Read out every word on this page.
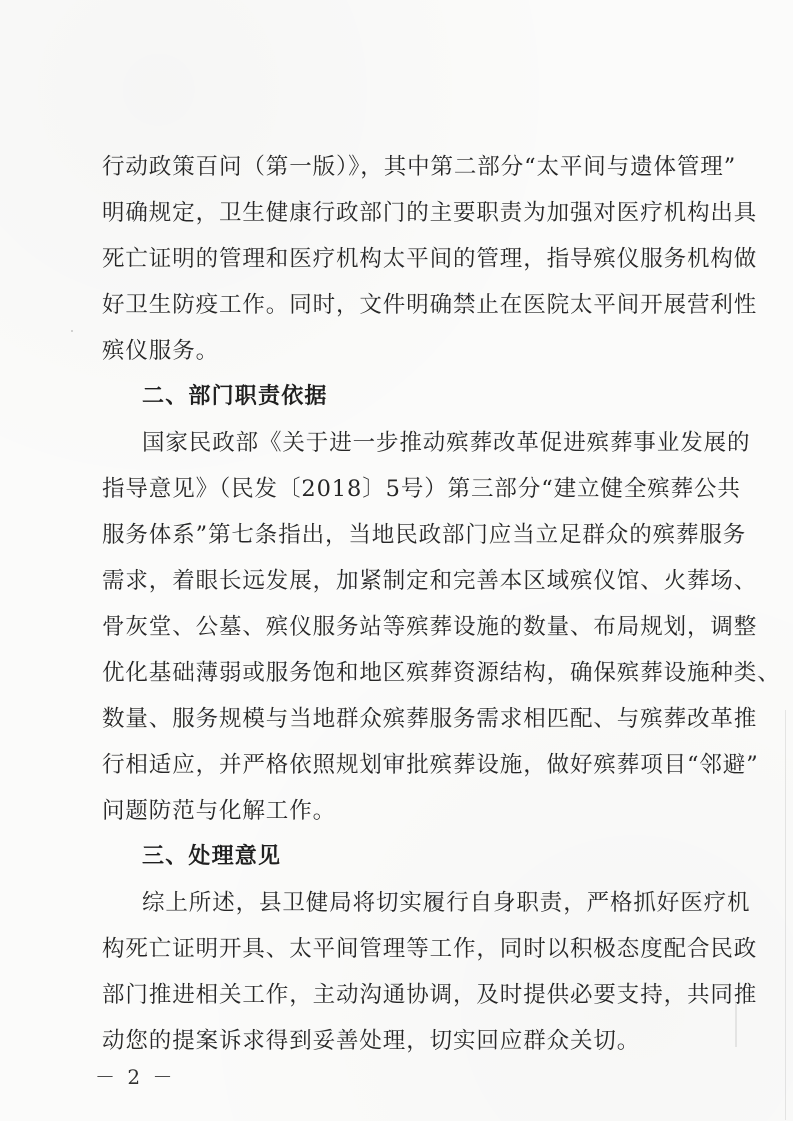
行动政策百问（第一版）》，其中第二部分“太平间与遗体管理”
明确规定，卫生健康行政部门的主要职责为加强对医疗机构出具
死亡证明的管理和医疗机构太平间的管理，指导殡仪服务机构做
好卫生防疫工作。同时，文件明确禁止在医院太平间开展营利性
殡仪服务。
二、部门职责依据
国家民政部《关于进一步推动殡葬改革促进殡葬事业发展的
指导意见》（民发〔2018〕5号）第三部分“建立健全殡葬公共
服务体系”第七条指出，当地民政部门应当立足群众的殡葬服务
需求，着眼长远发展，加紧制定和完善本区域殡仪馆、火葬场、
骨灰堂、公墓、殡仪服务站等殡葬设施的数量、布局规划，调整
优化基础薄弱或服务饱和地区殡葬资源结构，确保殡葬设施种类、
数量、服务规模与当地群众殡葬服务需求相匹配、与殡葬改革推
行相适应，并严格依照规划审批殡葬设施，做好殡葬项目“邻避”
问题防范与化解工作。
三、处理意见
综上所述，县卫健局将切实履行自身职责，严格抓好医疗机
构死亡证明开具、太平间管理等工作，同时以积极态度配合民政
部门推进相关工作，主动沟通协调，及时提供必要支持，共同推
动您的提案诉求得到妥善处理，切实回应群众关切。
－ 2 －
